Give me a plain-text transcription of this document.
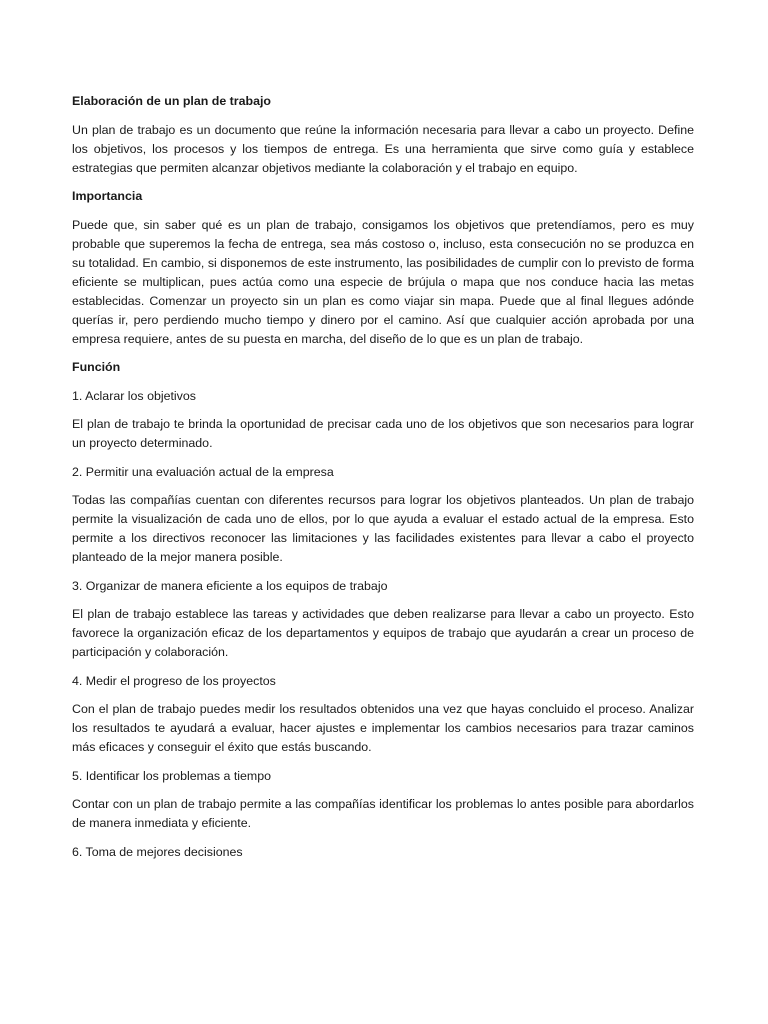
Elaboración de un plan de trabajo

Un plan de trabajo es un documento que reúne la información necesaria para llevar a cabo un proyecto. Define los objetivos, los procesos y los tiempos de entrega. Es una herramienta que sirve como guía y establece estrategias que permiten alcanzar objetivos mediante la colaboración y el trabajo en equipo.

Importancia

Puede que, sin saber qué es un plan de trabajo, consigamos los objetivos que pretendíamos, pero es muy probable que superemos la fecha de entrega, sea más costoso o, incluso, esta consecución no se produzca en su totalidad. En cambio, si disponemos de este instrumento, las posibilidades de cumplir con lo previsto de forma eficiente se multiplican, pues actúa como una especie de brújula o mapa que nos conduce hacia las metas establecidas. Comenzar un proyecto sin un plan es como viajar sin mapa. Puede que al final llegues adónde querías ir, pero perdiendo mucho tiempo y dinero por el camino. Así que cualquier acción aprobada por una empresa requiere, antes de su puesta en marcha, del diseño de lo que es un plan de trabajo.

Función

1. Aclarar los objetivos

El plan de trabajo te brinda la oportunidad de precisar cada uno de los objetivos que son necesarios para lograr un proyecto determinado.

2. Permitir una evaluación actual de la empresa

Todas las compañías cuentan con diferentes recursos para lograr los objetivos planteados. Un plan de trabajo permite la visualización de cada uno de ellos, por lo que ayuda a evaluar el estado actual de la empresa. Esto permite a los directivos reconocer las limitaciones y las facilidades existentes para llevar a cabo el proyecto planteado de la mejor manera posible.

3. Organizar de manera eficiente a los equipos de trabajo

El plan de trabajo establece las tareas y actividades que deben realizarse para llevar a cabo un proyecto. Esto favorece la organización eficaz de los departamentos y equipos de trabajo que ayudarán a crear un proceso de participación y colaboración.

4. Medir el progreso de los proyectos

Con el plan de trabajo puedes medir los resultados obtenidos una vez que hayas concluido el proceso. Analizar los resultados te ayudará a evaluar, hacer ajustes e implementar los cambios necesarios para trazar caminos más eficaces y conseguir el éxito que estás buscando.

5. Identificar los problemas a tiempo

Contar con un plan de trabajo permite a las compañías identificar los problemas lo antes posible para abordarlos de manera inmediata y eficiente.

6. Toma de mejores decisiones
